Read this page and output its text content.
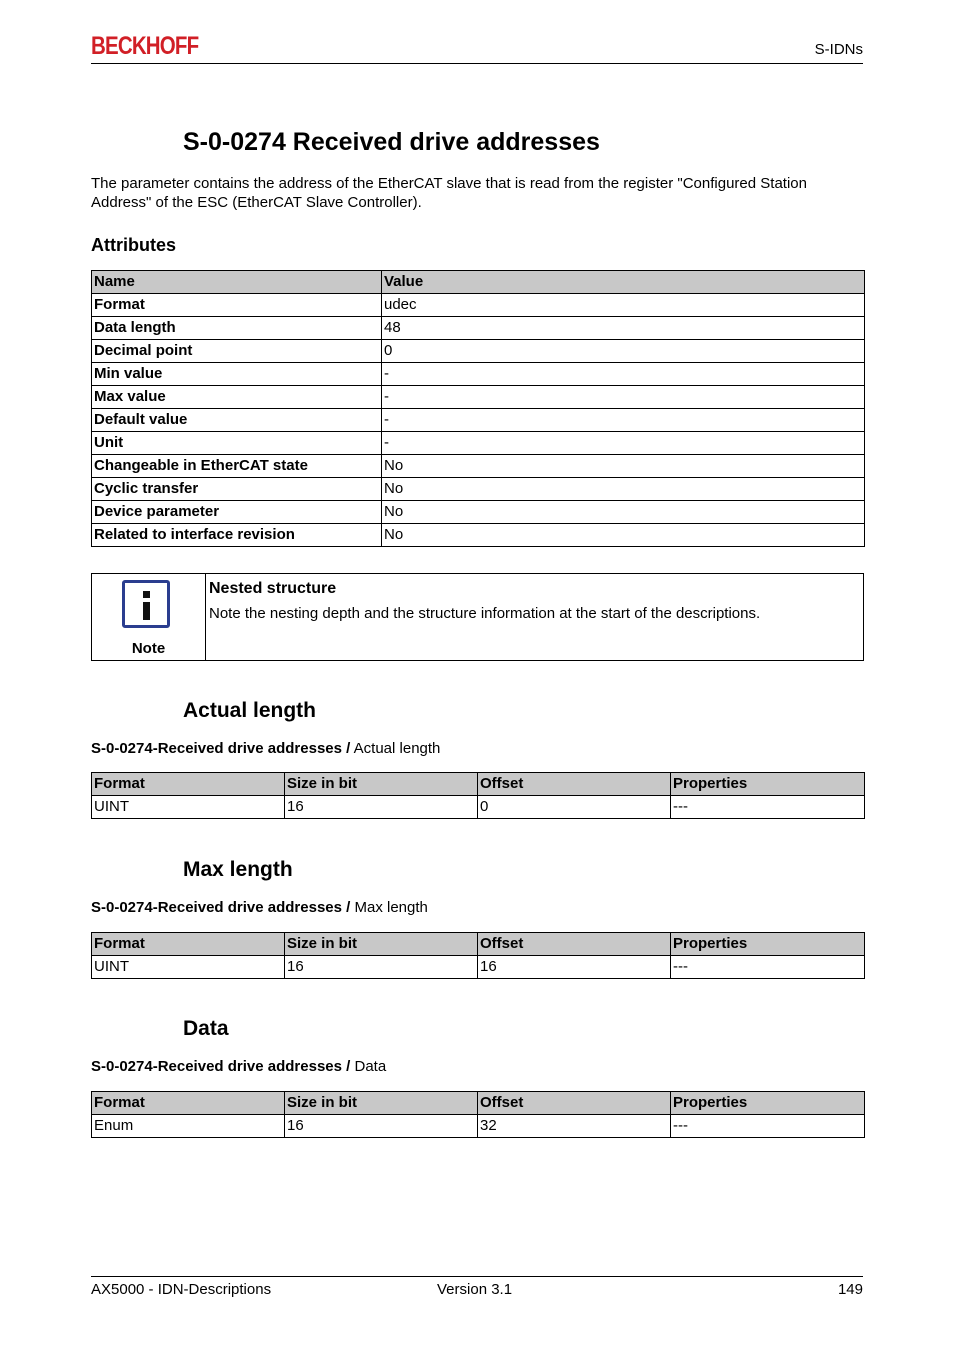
BECKHOFF	S-IDNs
S-0-0274 Received drive addresses

The parameter contains the address of the EtherCAT slave that is read from the register "Configured Station Address" of the ESC (EtherCAT Slave Controller).

Attributes
Name	Value
Format	udec
Data length	48
Decimal point	0
Min value	-
Max value	-
Default value	-
Unit	-
Changeable in EtherCAT state	No
Cyclic transfer	No
Device parameter	No
Related to interface revision	No
Note
Nested structure
Note the nesting depth and the structure information at the start of the descriptions.
Actual length
S-0-0274-Received drive addresses / Actual length
Format	Size in bit	Offset	Properties
UINT	16	0	---
Max length
S-0-0274-Received drive addresses / Max length
Format	Size in bit	Offset	Properties
UINT	16	16	---
Data
S-0-0274-Received drive addresses / Data
Format	Size in bit	Offset	Properties
Enum	16	32	---
AX5000 - IDN-Descriptions	Version 3.1	149
